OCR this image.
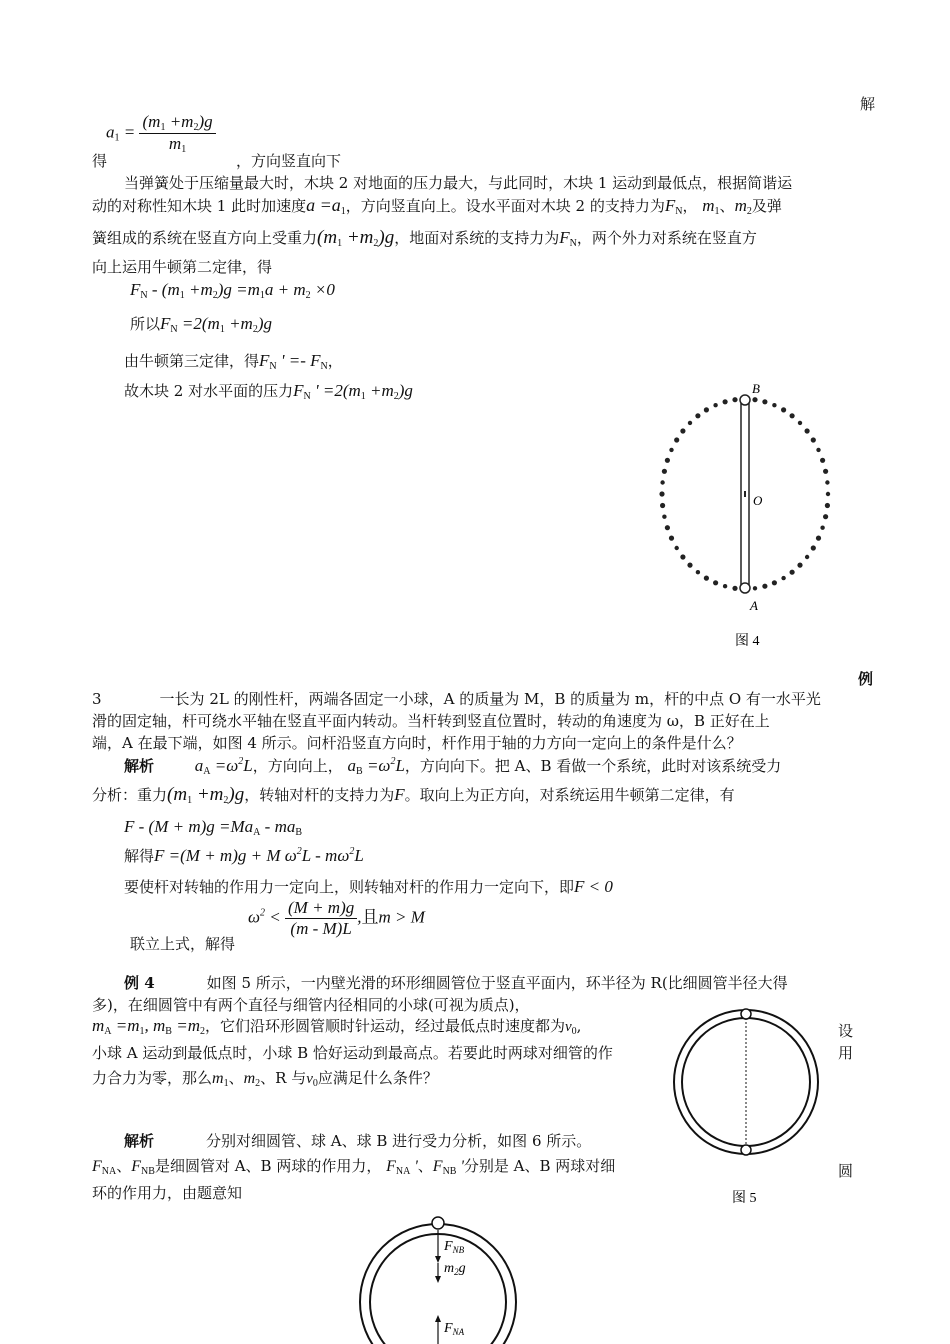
解
$a_1 = \frac{(m_1 +m_2)g}{m_1}$
得	，方向竖直向下
当弹簧处于压缩量最大时，木块 2 对地面的压力最大，与此同时，木块 1 运动到最低点，根据简谐运
动的对称性知木块 1 此时加速度$a =a_1$，方向竖直向上。设水平面对木块 2 的支持力为$F_N$， $m_1$、$m_2$及弹
簧组成的系统在竖直方向上受重力$(m_1 +m_2)g$，地面对系统的支持力为$F_N$，两个外力对系统在竖直方
向上运用牛顿第二定律，得
$F_N - (m_1 +m_2)g =m_1a + m_2 \times 0$
所以$F_N =2(m_1 +m_2)g$
由牛顿第三定律，得$F_N$ ' =- $F_N$，
故木块 2 对水平面的压力$F_N$ ' $=2(m_1 +m_2)g$	B
O
A
图 4
例
3	一长为 2L 的刚性杆，两端各固定一小球，A 的质量为 M，B 的质量为 m，杆的中点 O 有一水平光
滑的固定轴，杆可绕水平轴在竖直平面内转动。当杆转到竖直位置时，转动的角速度为 ω，B 正好在上
端，A 在最下端，如图 4 所示。问杆沿竖直方向时，杆作用于轴的力方向一定向上的条件是什么？
解析 $a_A =\omega^2L$，方向向上， $a_B =\omega^2L$，方向向下。把 A、B 看做一个系统，此时对该系统受力
分析：重力$(m_1 +m_2)g$，转轴对杆的支持力为F。取向上为正方向，对系统运用牛顿第二定律，有
$F - (M + m)g =Ma_A - ma_B$
解得F =(M + m)g + M $\omega^2L - m\omega^2L$
要使杆对转轴的作用力一定向上，则转轴对杆的作用力一定向下，即F < 0
联立上式，解得
$\omega^2 < \frac{(M + m)g}{(m - M)L}$ ,且m > M
例 4	如图 5 所示，一内壁光滑的环形细圆管位于竖直平面内，环半径为 R(比细圆管半径大得
多)，在细圆管中有两个直径与细管内径相同的小球(可视为质点)，
$m_A =m_1$, $m_B =m_2$，它们沿环形圆管顺时针运动，经过最低点时速度都为$v_0$,	设
小球 A 运动到最低点时，小球 B 恰好运动到最高点。若要此时两球对细管的作	用
力合力为零，那么$m_1$、$m_2$、R 与$v_0$应满足什么条件？
解析	分别对细圆管、球 A、球 B 进行受力分析，如图 6 所示。
$F_{NA}$、$F_{NB}$是细圆管对 A、B 两球的作用力， $F_{NA}$ '、$F_{NB}$ '分别是 A、B 两球对细	圆
环的作用力，由题意知	图 5
$F_{NB}$
$m_2g$
$F_{NA}$
